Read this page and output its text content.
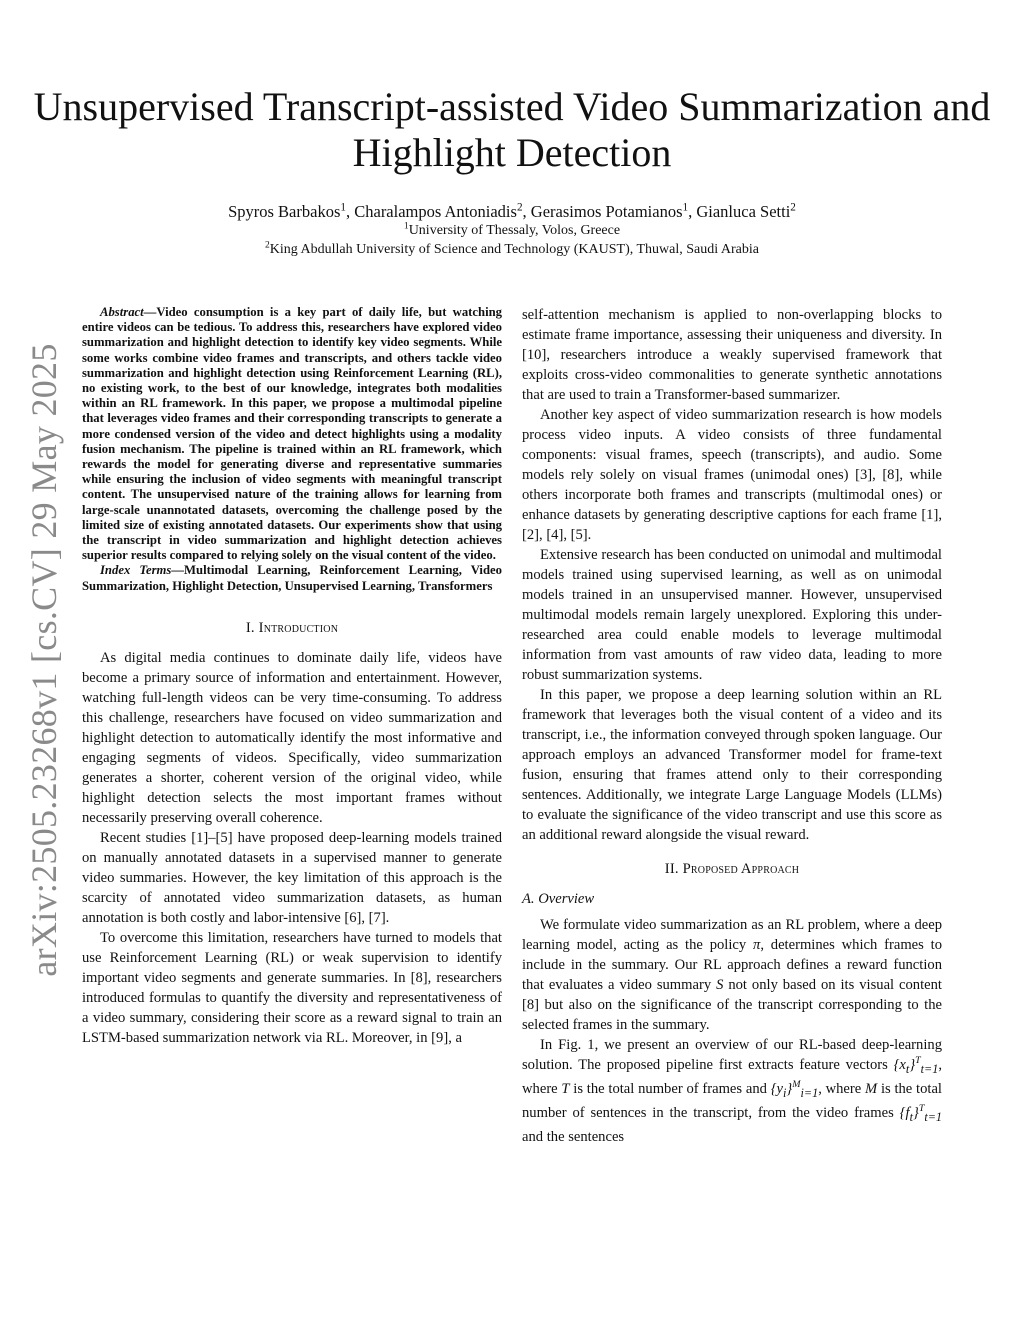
arXiv:2505.23268v1 [cs.CV] 29 May 2025
Unsupervised Transcript-assisted Video Summarization and Highlight Detection
Spyros Barbakos$^1$, Charalampos Antoniadis$^2$, Gerasimos Potamianos$^1$, Gianluca Setti$^2$
$^1$University of Thessaly, Volos, Greece
$^2$King Abdullah University of Science and Technology (KAUST), Thuwal, Saudi Arabia

Abstract—Video consumption is a key part of daily life, but watching entire videos can be tedious. To address this, researchers have explored video summarization and highlight detection to identify key video segments. While some works combine video frames and transcripts, and others tackle video summarization and highlight detection using Reinforcement Learning (RL), no existing work, to the best of our knowledge, integrates both modalities within an RL framework. In this paper, we propose a multimodal pipeline that leverages video frames and their corresponding transcripts to generate a more condensed version of the video and detect highlights using a modality fusion mechanism. The pipeline is trained within an RL framework, which rewards the model for generating diverse and representative summaries while ensuring the inclusion of video segments with meaningful transcript content. The unsupervised nature of the training allows for learning from large-scale unannotated datasets, overcoming the challenge posed by the limited size of existing annotated datasets. Our experiments show that using the transcript in video summarization and highlight detection achieves superior results compared to relying solely on the visual content of the video.

Index Terms—Multimodal Learning, Reinforcement Learning, Video Summarization, Highlight Detection, Unsupervised Learning, Transformers

I. Introduction

As digital media continues to dominate daily life, videos have become a primary source of information and entertainment. However, watching full-length videos can be very time-consuming. To address this challenge, researchers have focused on video summarization and highlight detection to automatically identify the most informative and engaging segments of videos. Specifically, video summarization generates a shorter, coherent version of the original video, while highlight detection selects the most important frames without necessarily preserving overall coherence.

Recent studies [1]–[5] have proposed deep-learning models trained on manually annotated datasets in a supervised manner to generate video summaries. However, the key limitation of this approach is the scarcity of annotated video summarization datasets, as human annotation is both costly and labor-intensive [6], [7].

To overcome this limitation, researchers have turned to models that use Reinforcement Learning (RL) or weak supervision to identify important video segments and generate summaries. In [8], researchers introduced formulas to quantify the diversity and representativeness of a video summary, considering their score as a reward signal to train an LSTM-based summarization network via RL. Moreover, in [9], a

self-attention mechanism is applied to non-overlapping blocks to estimate frame importance, assessing their uniqueness and diversity. In [10], researchers introduce a weakly supervised framework that exploits cross-video commonalities to generate synthetic annotations that are used to train a Transformer-based summarizer.

Another key aspect of video summarization research is how models process video inputs. A video consists of three fundamental components: visual frames, speech (transcripts), and audio. Some models rely solely on visual frames (unimodal ones) [3], [8], while others incorporate both frames and transcripts (multimodal ones) or enhance datasets by generating descriptive captions for each frame [1], [2], [4], [5].

Extensive research has been conducted on unimodal and multimodal models trained using supervised learning, as well as on unimodal models trained in an unsupervised manner. However, unsupervised multimodal models remain largely unexplored. Exploring this under-researched area could enable models to leverage multimodal information from vast amounts of raw video data, leading to more robust summarization systems.

In this paper, we propose a deep learning solution within an RL framework that leverages both the visual content of a video and its transcript, i.e., the information conveyed through spoken language. Our approach employs an advanced Transformer model for frame-text fusion, ensuring that frames attend only to their corresponding sentences. Additionally, we integrate Large Language Models (LLMs) to evaluate the significance of the video transcript and use this score as an additional reward alongside the visual reward.

II. Proposed Approach

A. Overview

We formulate video summarization as an RL problem, where a deep learning model, acting as the policy π, determines which frames to include in the summary. Our RL approach defines a reward function that evaluates a video summary S not only based on its visual content [8] but also on the significance of the transcript corresponding to the selected frames in the summary.

In Fig. 1, we present an overview of our RL-based deep-learning solution. The proposed pipeline first extracts feature vectors $\{x_t\}^T_{t=1}$, where T is the total number of frames and $\{y_i\}^M_{i=1}$, where M is the total number of sentences in the transcript, from the video frames $\{f_t\}^T_{t=1}$ and the sentences
